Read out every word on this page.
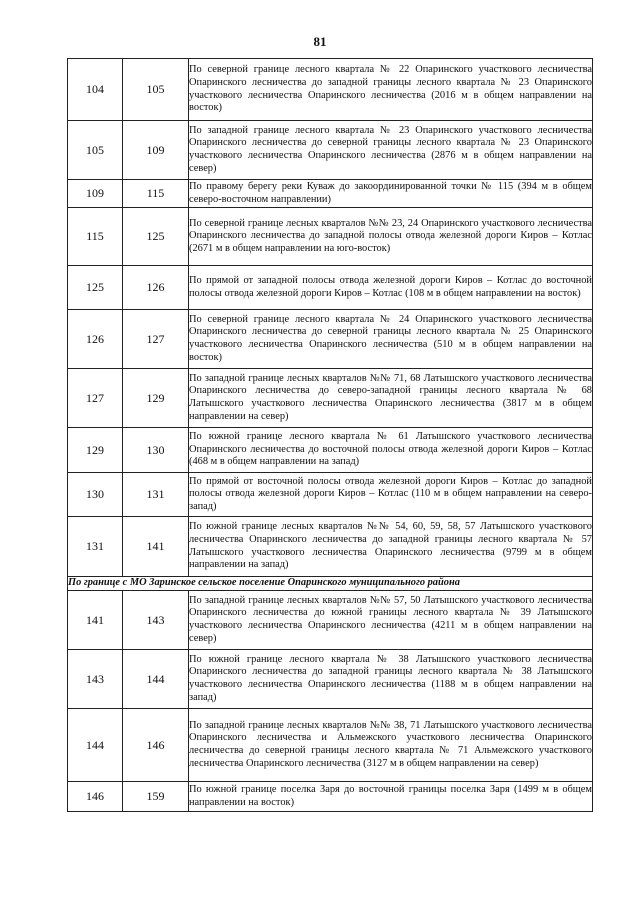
81
104	105	По северной границе лесного квартала № 22 Опаринского участкового лесничества Опаринского лесничества до западной границы лесного квартала № 23 Опаринского участкового лесничества Опаринского лесничества (2016 м в общем направлении на восток)
105	109	По западной границе лесного квартала № 23 Опаринского участкового лесничества Опаринского лесничества до северной границы лесного квартала № 23 Опаринского участкового лесничества Опаринского лесничества (2876 м в общем направлении на север)
109	115	По правому берегу реки Куваж до закоординированной точки № 115 (394 м в общем северо-восточном направлении)
115	125	По северной границе лесных кварталов №№ 23, 24 Опаринского участкового лесничества Опаринского лесничества до западной полосы отвода железной дороги Киров – Котлас (2671 м в общем направлении на юго-восток)
125	126	По прямой от западной полосы отвода железной дороги Киров – Котлас до восточной полосы отвода железной дороги Киров – Котлас (108 м в общем направлении на восток)
126	127	По северной границе лесного квартала № 24 Опаринского участкового лесничества Опаринского лесничества до северной границы лесного квартала № 25 Опаринского участкового лесничества Опаринского лесничества (510 м в общем направлении на восток)
127	129	По западной границе лесных кварталов №№ 71, 68 Латышского участкового лесничества Опаринского лесничества до северо-западной границы лесного квартала № 68 Латышского участкового лесничества Опаринского лесничества (3817 м в общем направлении на север)
129	130	По южной границе лесного квартала № 61 Латышского участкового лесничества Опаринского лесничества до восточной полосы отвода железной дороги Киров – Котлас (468 м в общем направлении на запад)
130	131	По прямой от восточной полосы отвода железной дороги Киров – Котлас до западной полосы отвода железной дороги Киров – Котлас (110 м в общем направлении на северо-запад)
131	141	По южной границе лесных кварталов №№ 54, 60, 59, 58, 57 Латышского участкового лесничества Опаринского лесничества до западной границы лесного квартала № 57 Латышского участкового лесничества Опаринского лесничества (9799 м в общем направлении на запад)
По границе с МО Заринское сельское поселение Опаринского муниципального района		
141	143	По западной границе лесных кварталов №№ 57, 50 Латышского участкового лесничества Опаринского лесничества до южной границы лесного квартала № 39 Латышского участкового лесничества Опаринского лесничества (4211 м в общем направлении на север)
143	144	По южной границе лесного квартала № 38 Латышского участкового лесничества Опаринского лесничества до западной границы лесного квартала № 38 Латышского участкового лесничества Опаринского лесничества (1188 м в общем направлении на запад)
144	146	По западной границе лесных кварталов №№ 38, 71 Латышского участкового лесничества Опаринского лесничества и Альмежского участкового лесничества Опаринского лесничества до северной границы лесного квартала № 71 Альмежского участкового лесничества Опаринского лесничества (3127 м в общем направлении на север)
146	159	По южной границе поселка Заря до восточной границы поселка Заря (1499 м в общем направлении на восток)
